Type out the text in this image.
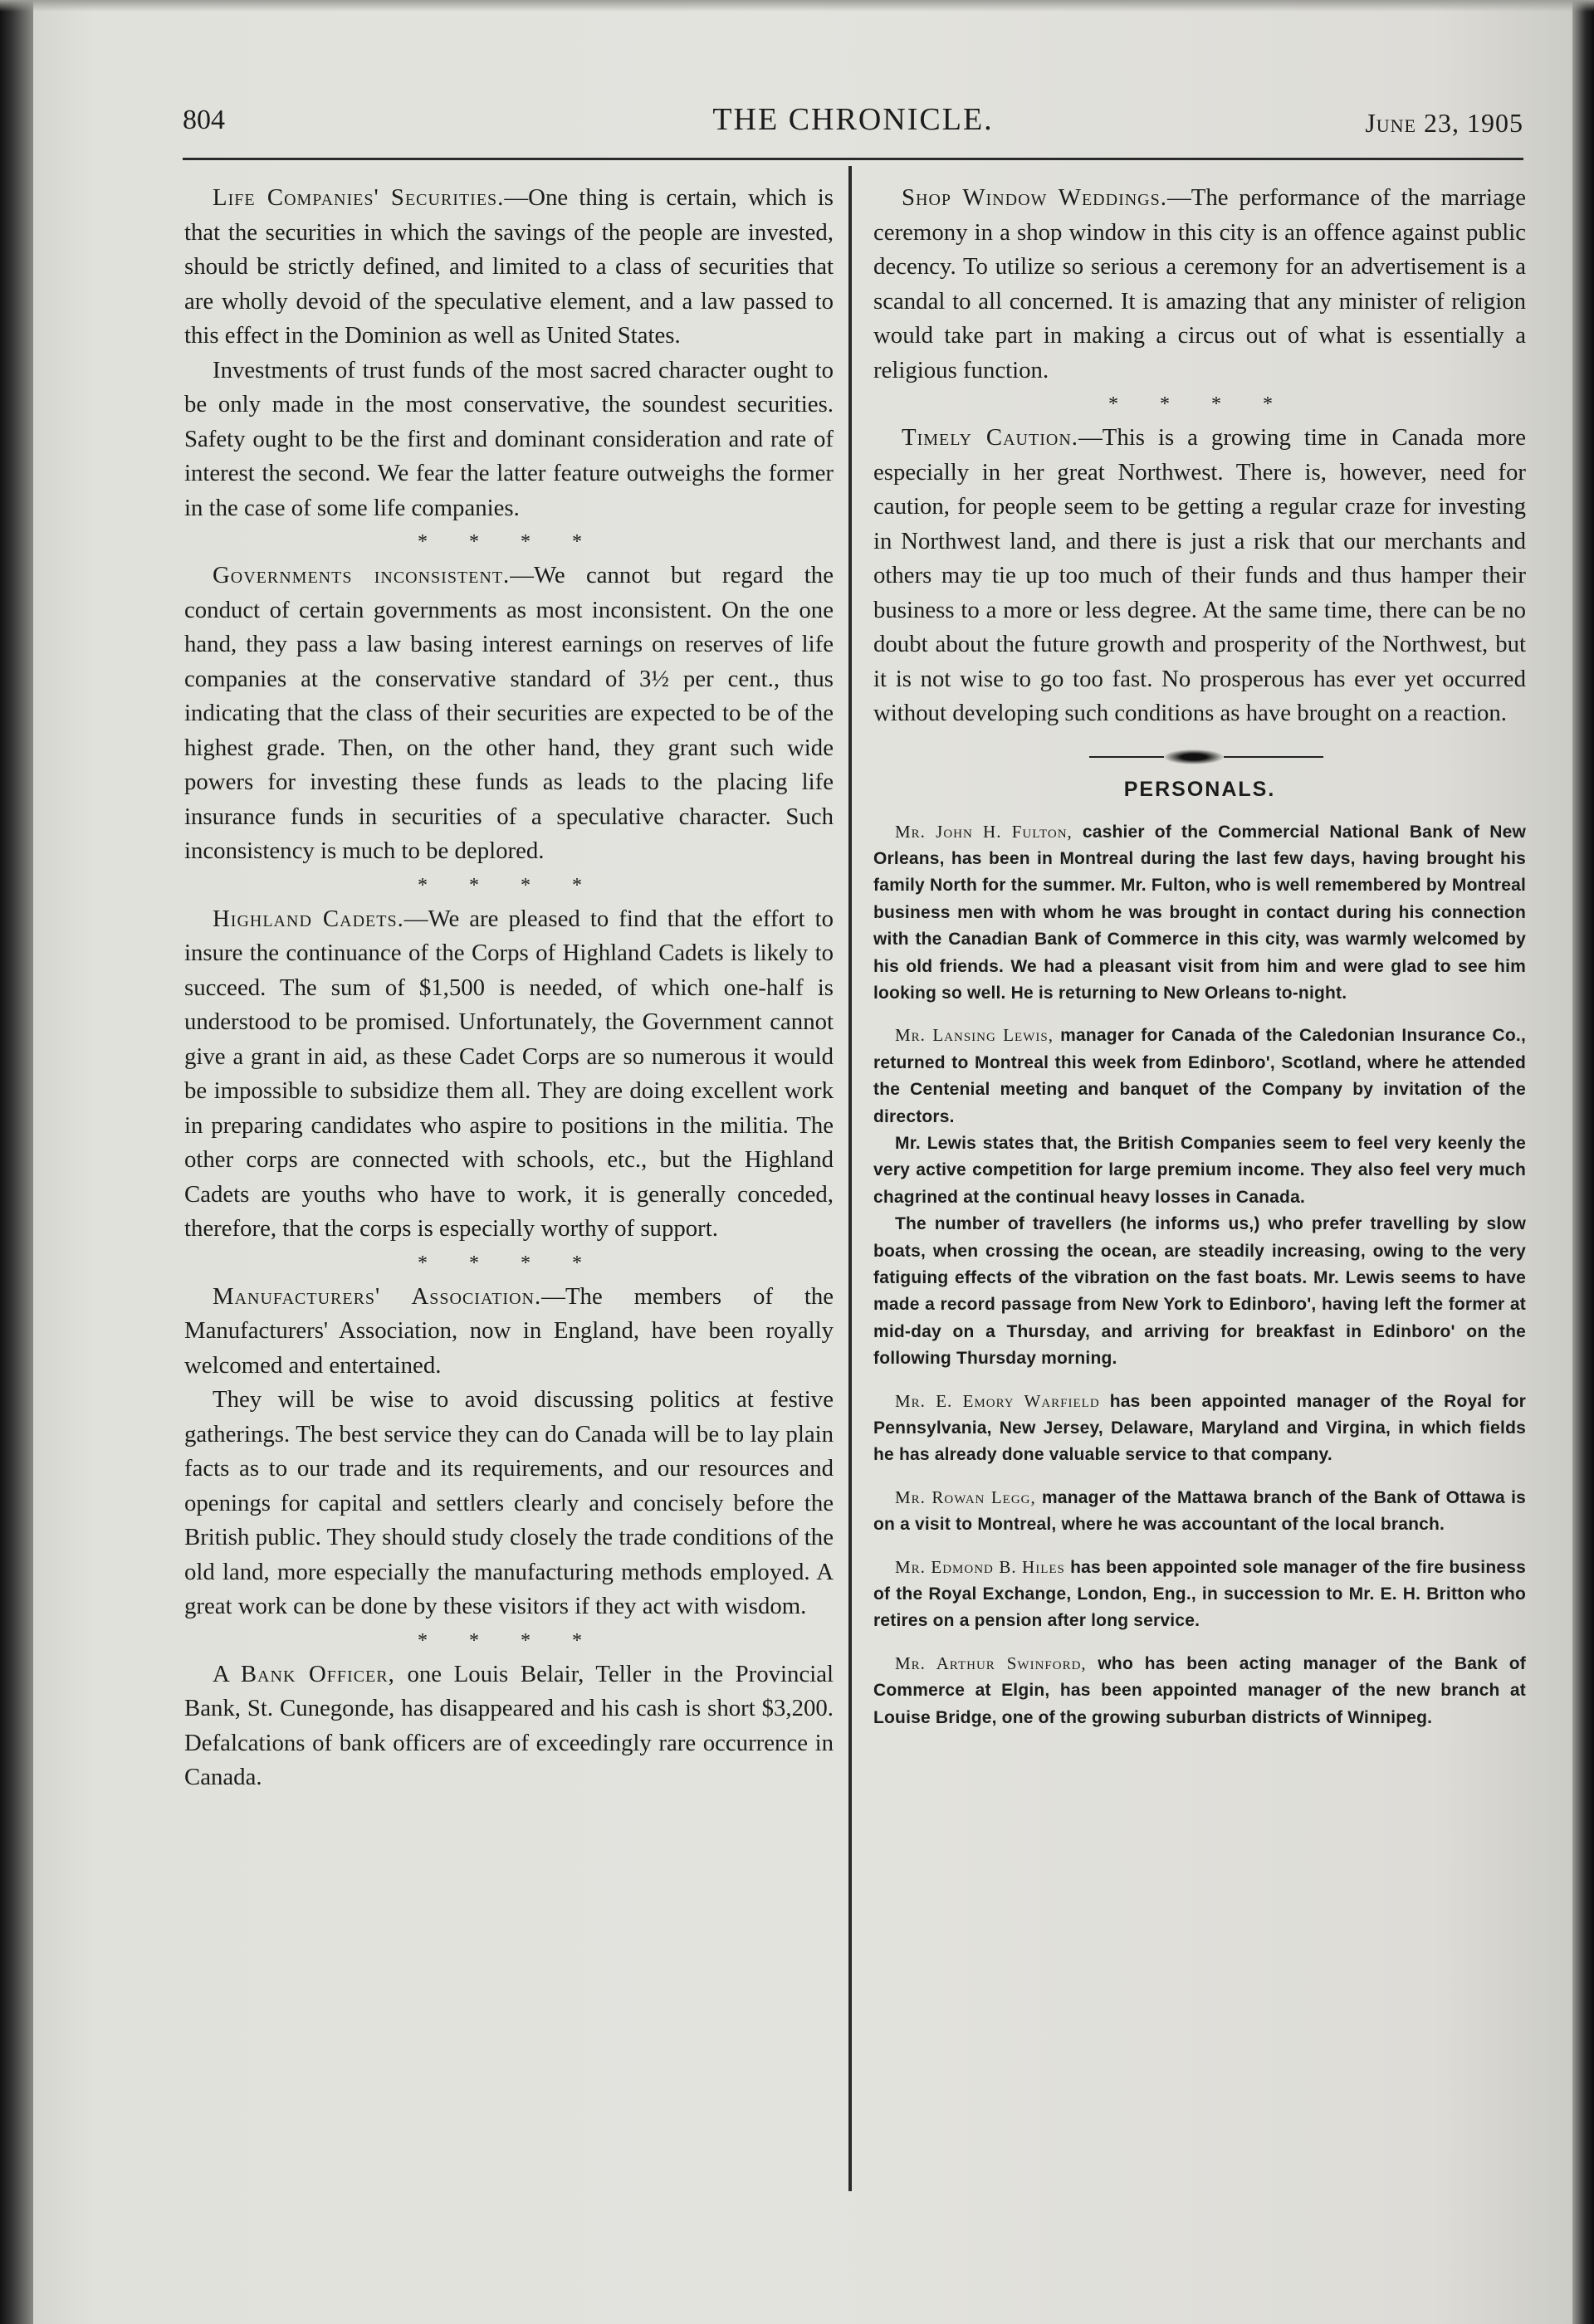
804	THE CHRONICLE.	June 23, 1905

Life Companies' Securities.—One thing is certain, which is that the securities in which the savings of the people are invested, should be strictly defined, and limited to a class of securities that are wholly devoid of the speculative element, and a law passed to this effect in the Dominion as well as United States.

Investments of trust funds of the most sacred character ought to be only made in the most conservative, the soundest securities. Safety ought to be the first and dominant consideration and rate of interest the second. We fear the latter feature outweighs the former in the case of some life companies.

* * * *

Governments inconsistent.—We cannot but regard the conduct of certain governments as most inconsistent. On the one hand, they pass a law basing interest earnings on reserves of life companies at the conservative standard of 3½ per cent., thus indicating that the class of their securities are expected to be of the highest grade. Then, on the other hand, they grant such wide powers for investing these funds as leads to the placing life insurance funds in securities of a speculative character. Such inconsistency is much to be deplored.

* * * *

Highland Cadets.—We are pleased to find that the effort to insure the continuance of the Corps of Highland Cadets is likely to succeed. The sum of $1,500 is needed, of which one-half is understood to be promised. Unfortunately, the Government cannot give a grant in aid, as these Cadet Corps are so numerous it would be impossible to subsidize them all. They are doing excellent work in preparing candidates who aspire to positions in the militia. The other corps are connected with schools, etc., but the Highland Cadets are youths who have to work, it is generally conceded, therefore, that the corps is especially worthy of support.

* * * *

Manufacturers' Association.—The members of the Manufacturers' Association, now in England, have been royally welcomed and entertained.

They will be wise to avoid discussing politics at festive gatherings. The best service they can do Canada will be to lay plain facts as to our trade and its requirements, and our resources and openings for capital and settlers clearly and concisely before the British public. They should study closely the trade conditions of the old land, more especially the manufacturing methods employed. A great work can be done by these visitors if they act with wisdom.

* * * *

A Bank Officer, one Louis Belair, Teller in the Provincial Bank, St. Cunegonde, has disappeared and his cash is short $3,200. Defalcations of bank officers are of exceedingly rare occurrence in Canada.

Shop Window Weddings.—The performance of the marriage ceremony in a shop window in this city is an offence against public decency. To utilize so serious a ceremony for an advertisement is a scandal to all concerned. It is amazing that any minister of religion would take part in making a circus out of what is essentially a religious function.

* * * *

Timely Caution.—This is a growing time in Canada more especially in her great Northwest. There is, however, need for caution, for people seem to be getting a regular craze for investing in Northwest land, and there is just a risk that our merchants and others may tie up too much of their funds and thus hamper their business to a more or less degree. At the same time, there can be no doubt about the future growth and prosperity of the Northwest, but it is not wise to go too fast. No prosperous has ever yet occurred without developing such conditions as have brought on a reaction.

PERSONALS.

Mr. John H. Fulton, cashier of the Commercial National Bank of New Orleans, has been in Montreal during the last few days, having brought his family North for the summer. Mr. Fulton, who is well remembered by Montreal business men with whom he was brought in contact during his connection with the Canadian Bank of Commerce in this city, was warmly welcomed by his old friends. We had a pleasant visit from him and were glad to see him looking so well. He is returning to New Orleans to-night.

Mr. Lansing Lewis, manager for Canada of the Caledonian Insurance Co., returned to Montreal this week from Edinboro', Scotland, where he attended the Centenial meeting and banquet of the Company by invitation of the directors.

Mr. Lewis states that, the British Companies seem to feel very keenly the very active competition for large premium income. They also feel very much chagrined at the continual heavy losses in Canada.

The number of travellers (he informs us,) who prefer travelling by slow boats, when crossing the ocean, are steadily increasing, owing to the very fatiguing effects of the vibration on the fast boats. Mr. Lewis seems to have made a record passage from New York to Edinboro', having left the former at mid-day on a Thursday, and arriving for breakfast in Edinboro' on the following Thursday morning.

Mr. E. Emory Warfield has been appointed manager of the Royal for Pennsylvania, New Jersey, Delaware, Maryland and Virgina, in which fields he has already done valuable service to that company.

Mr. Rowan Legg, manager of the Mattawa branch of the Bank of Ottawa is on a visit to Montreal, where he was accountant of the local branch.

Mr. Edmond B. Hiles has been appointed sole manager of the fire business of the Royal Exchange, London, Eng., in succession to Mr. E. H. Britton who retires on a pension after long service.

Mr. Arthur Swinford, who has been acting manager of the Bank of Commerce at Elgin, has been appointed manager of the new branch at Louise Bridge, one of the growing suburban districts of Winnipeg.
